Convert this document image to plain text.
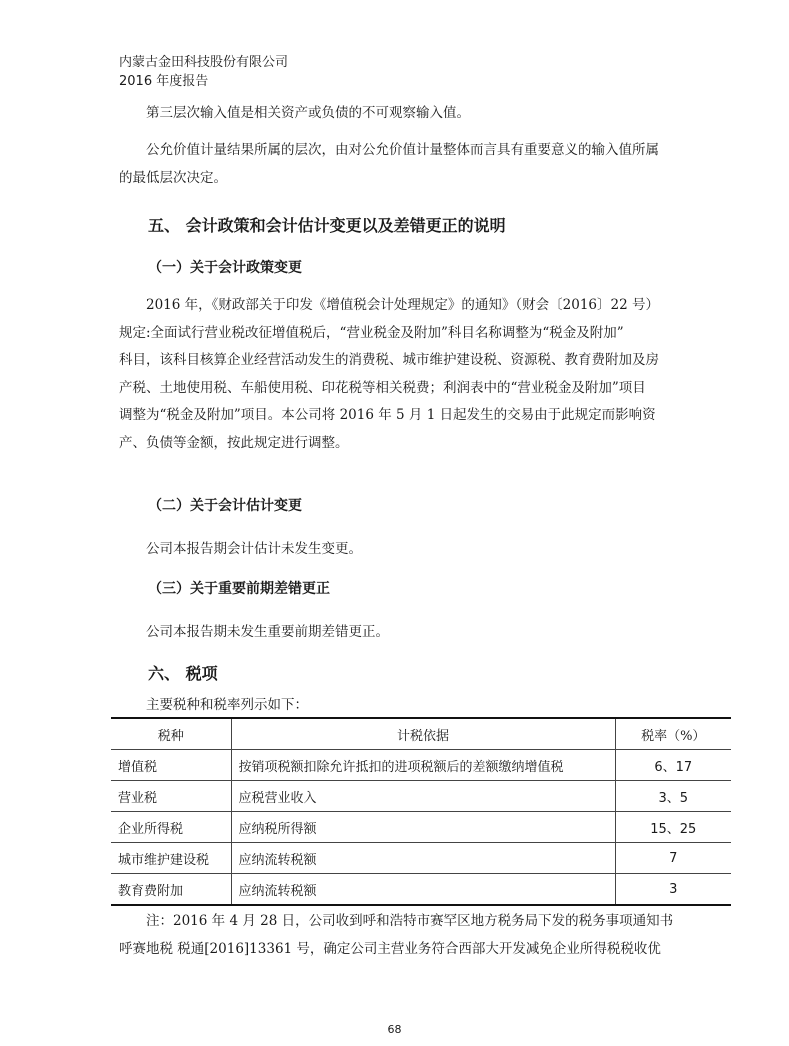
内蒙古金田科技股份有限公司
2016 年度报告
第三层次输入值是相关资产或负债的不可观察输入值。

公允价值计量结果所属的层次，由对公允价值计量整体而言具有重要意义的输入值所属
的最低层次决定。

五、 会计政策和会计估计变更以及差错更正的说明
（一）关于会计政策变更

2016 年，《财政部关于印发《增值税会计处理规定》的通知》（财会〔2016〕22 号）
规定:全面试行营业税改征增值税后，“营业税金及附加”科目名称调整为“税金及附加”
科目，该科目核算企业经营活动发生的消费税、城市维护建设税、资源税、教育费附加及房
产税、土地使用税、车船使用税、印花税等相关税费；利润表中的“营业税金及附加”项目
调整为“税金及附加”项目。本公司将 2016 年 5 月 1 日起发生的交易由于此规定而影响资
产、负债等金额，按此规定进行调整。

（二）关于会计估计变更
公司本报告期会计估计未发生变更。
（三）关于重要前期差错更正
公司本报告期未发生重要前期差错更正。
六、 税项
主要税种和税率列示如下：
税种	计税依据	税率（%）
增值税	按销项税额扣除允许抵扣的进项税额后的差额缴纳增值税	6、17
营业税	应税营业收入	3、5
企业所得税	应纳税所得额	15、25
城市维护建设税	应纳流转税额	7
教育费附加	应纳流转税额	3

注：2016 年 4 月 28 日，公司收到呼和浩特市赛罕区地方税务局下发的税务事项通知书
呼赛地税 税通[2016]13361 号，确定公司主营业务符合西部大开发减免企业所得税税收优

68
